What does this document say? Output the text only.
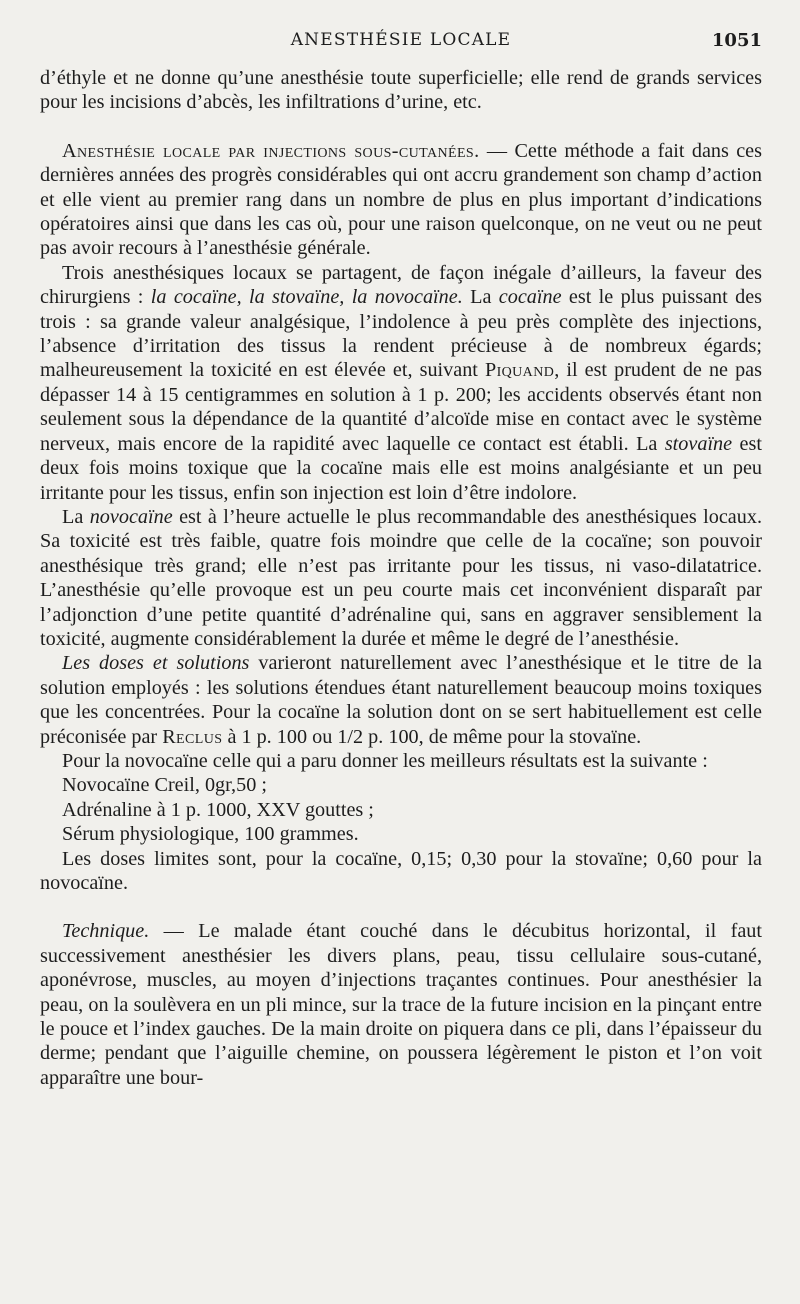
ANESTHÉSIE LOCALE	1051

d’éthyle et ne donne qu’une anesthésie toute superficielle; elle rend de grands services pour les incisions d’abcès, les infiltrations d’urine, etc.

Anesthésie locale par injections sous-cutanées. — Cette méthode a fait dans ces dernières années des progrès considérables qui ont accru grandement son champ d’action et elle vient au premier rang dans un nombre de plus en plus important d’indications opératoires ainsi que dans les cas où, pour une raison quelconque, on ne veut ou ne peut pas avoir recours à l’anesthésie générale.

Trois anesthésiques locaux se partagent, de façon inégale d’ailleurs, la faveur des chirurgiens : la cocaïne, la stovaïne, la novocaïne. La cocaïne est le plus puissant des trois : sa grande valeur analgésique, l’indolence à peu près complète des injections, l’absence d’irritation des tissus la rendent précieuse à de nombreux égards; malheureusement la toxicité en est élevée et, suivant Piquand, il est prudent de ne pas dépasser 14 à 15 centigrammes en solution à 1 p. 200; les accidents observés étant non seulement sous la dépendance de la quantité d’alcoïde mise en contact avec le système nerveux, mais encore de la rapidité avec laquelle ce contact est établi. La stovaïne est deux fois moins toxique que la cocaïne mais elle est moins analgésiante et un peu irritante pour les tissus, enfin son injection est loin d’être indolore.

La novocaïne est à l’heure actuelle le plus recommandable des anesthésiques locaux. Sa toxicité est très faible, quatre fois moindre que celle de la cocaïne; son pouvoir anesthésique très grand; elle n’est pas irritante pour les tissus, ni vaso-dilatatrice. L’anesthésie qu’elle provoque est un peu courte mais cet inconvénient disparaît par l’adjonction d’une petite quantité d’adrénaline qui, sans en aggraver sensiblement la toxicité, augmente considérablement la durée et même le degré de l’anesthésie.

Les doses et solutions varieront naturellement avec l’anesthésique et le titre de la solution employés : les solutions étendues étant naturellement beaucoup moins toxiques que les concentrées. Pour la cocaïne la solution dont on se sert habituellement est celle préconisée par Reclus à 1 p. 100 ou 1/2 p. 100, de même pour la stovaïne.

Pour la novocaïne celle qui a paru donner les meilleurs résultats est la suivante :

Novocaïne Creil, 0gr,50 ;

Adrénaline à 1 p. 1000, XXV gouttes ;

Sérum physiologique, 100 grammes.

Les doses limites sont, pour la cocaïne, 0,15; 0,30 pour la stovaïne; 0,60 pour la novocaïne.

Technique. — Le malade étant couché dans le décubitus horizontal, il faut successivement anesthésier les divers plans, peau, tissu cellulaire sous-cutané, aponévrose, muscles, au moyen d’injections traçantes continues. Pour anesthésier la peau, on la soulèvera en un pli mince, sur la trace de la future incision en la pinçant entre le pouce et l’index gauches. De la main droite on piquera dans ce pli, dans l’épaisseur du derme; pendant que l’aiguille chemine, on poussera légèrement le piston et l’on voit apparaître une bour-
